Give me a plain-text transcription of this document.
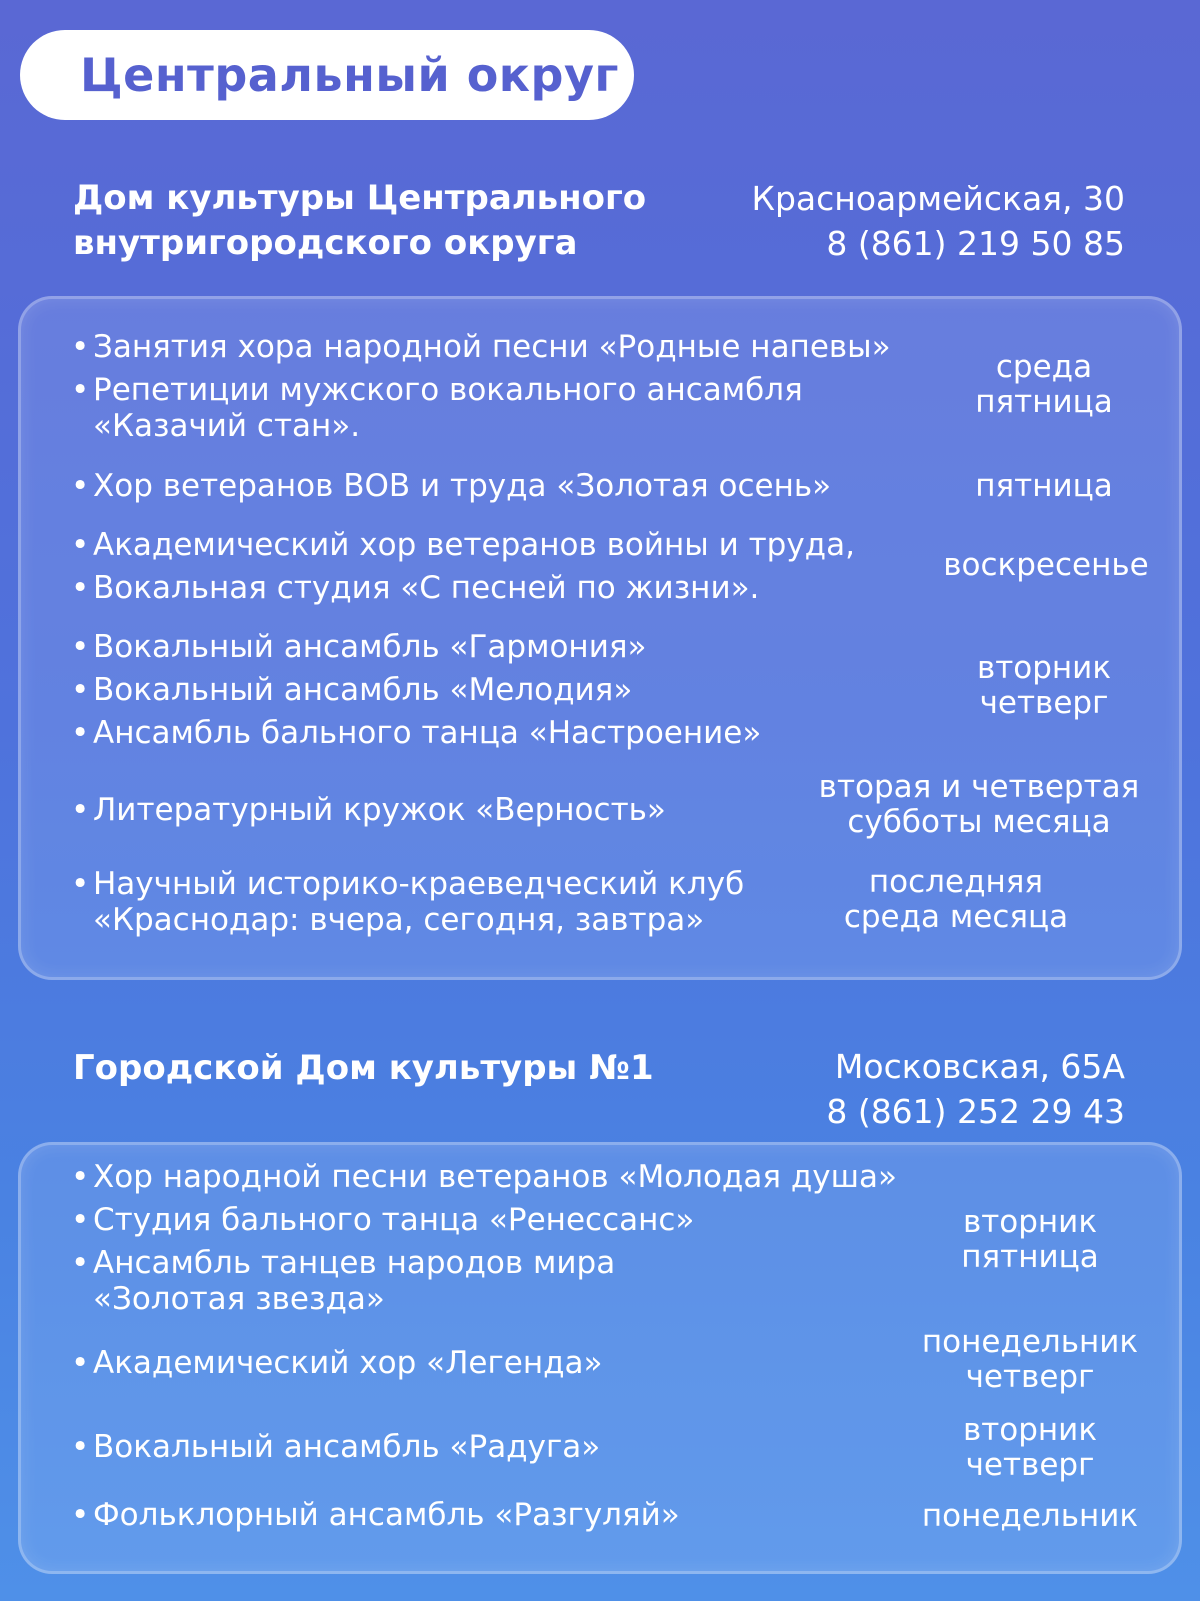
Центральный округ
Дом культуры Центрального
внутригородского округа
Красноармейская, 30
8 (861) 219 50 85
• Занятия хора народной песни «Родные напевы»
• Репетиции мужского вокального ансамбля
«Казачий стан».
• Хор ветеранов ВОВ и труда «Золотая осень»
• Академический хор ветеранов войны и труда,
• Вокальная студия «С песней по жизни».
• Вокальный ансамбль «Гармония»
• Вокальный ансамбль «Мелодия»
• Ансамбль бального танца «Настроение»
• Литературный кружок «Верность»
• Научный историко-краеведческий клуб
«Краснодар: вчера, сегодня, завтра»
среда
пятница
пятница
воскресенье
вторник
четверг
вторая и четвертая
субботы месяца
последняя
среда месяца
Городской Дом культуры №1	Московская, 65А
8 (861) 252 29 43
• Хор народной песни ветеранов «Молодая душа»
• Студия бального танца «Ренессанс»
• Ансамбль танцев народов мира
«Золотая звезда»
• Академический хор «Легенда»
• Вокальный ансамбль «Радуга»
• Фольклорный ансамбль «Разгуляй»
вторник
пятница
понедельник
четверг
вторник
четверг
понедельник
